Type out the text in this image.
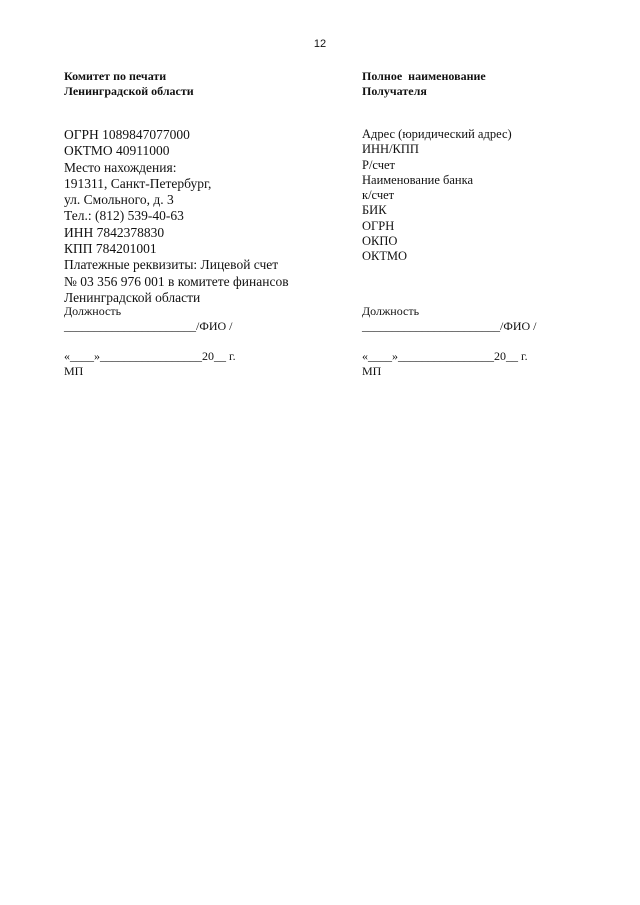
12

Комитет по печати
Ленинградской области

ОГРН 1089847077000
ОКТМО 40911000
Место нахождения:
191311, Санкт-Петербург,
ул. Смольного, д. 3
Тел.: (812) 539-40-63
ИНН 7842378830
КПП 784201001
Платежные реквизиты: Лицевой счет
№ 03 356 976 001 в комитете финансов
Ленинградской области

Полное  наименование
Получателя

Адрес (юридический адрес)
ИНН/КПП
Р/счет
Наименование банка
к/счет
БИК
ОГРН
ОКПО
ОКТМО
Должность
______________________/ФИО /
«____»_________________20__ г.
МП
Должность
_______________________/ФИО /
«____»________________20__ г.
МП
